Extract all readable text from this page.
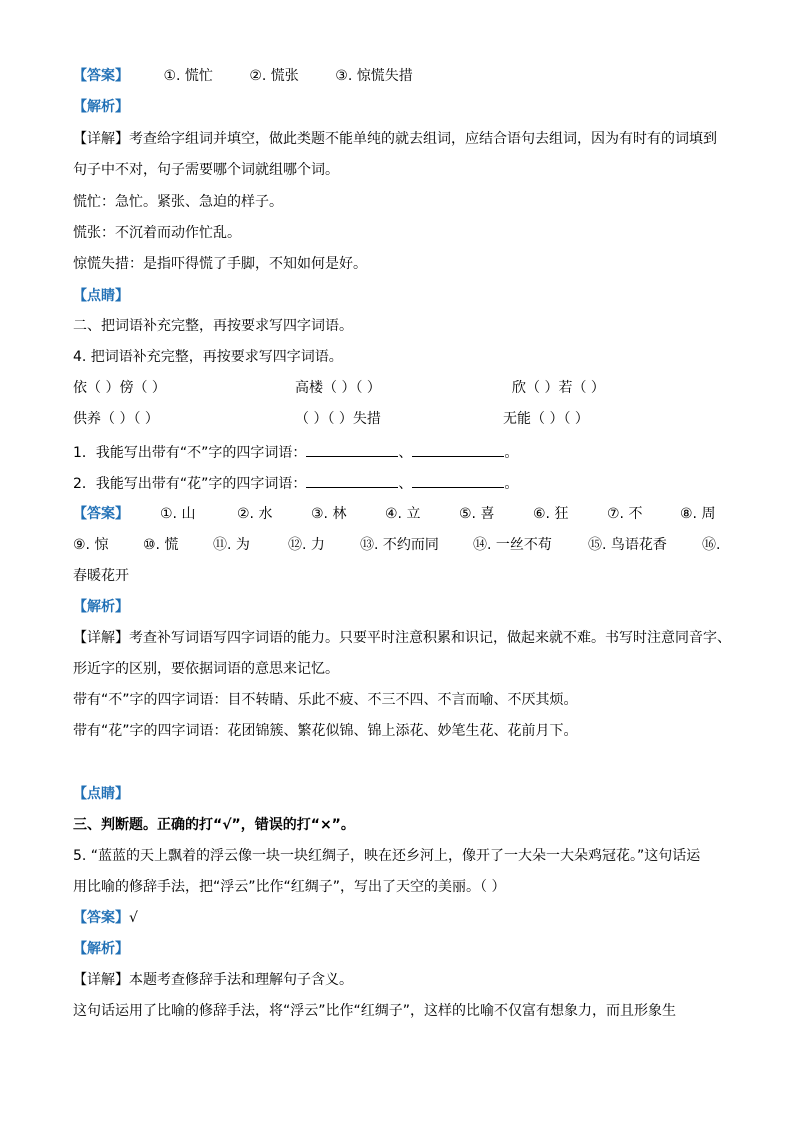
【答案】 ①. 慌忙	②. 慌张	③. 惊慌失措
【解析】
【详解】考查给字组词并填空，做此类题不能单纯的就去组词，应结合语句去组词，因为有时有的词填到
句子中不对，句子需要哪个词就组哪个词。
慌忙：急忙。紧张、急迫的样子。
慌张：不沉着而动作忙乱。
惊慌失措：是指吓得慌了手脚，不知如何是好。
【点睛】
二、把词语补充完整，再按要求写四字词语。
4. 把词语补充完整，再按要求写四字词语。
依（ ）傍（ ）	高楼（ ）（ ）	欣（ ）若（ ）
供养（ ）（ ）	（ ）（ ）失措	无能（ ）（ ）
1．我能写出带有“不”字的四字词语：	、	。
2．我能写出带有“花”字的四字词语：	、	。
【答案】 ①. 山	②. 水	③. 林	④. 立	⑤. 喜	⑥. 狂	⑦. 不	⑧. 周
⑨. 惊 ⑩. 慌 ⑪. 为	⑫. 力	⑬. 不约而同 ⑭. 一丝不苟	⑮. 鸟语花香	⑯.
春暖花开
【解析】
【详解】考查补写词语写四字词语的能力。只要平时注意积累和识记，做起来就不难。书写时注意同音字、
形近字的区别，要依据词语的意思来记忆。
带有“不”字的四字词语：目不转睛、乐此不疲、不三不四、不言而喻、不厌其烦。
带有“花”字的四字词语：花团锦簇、繁花似锦、锦上添花、妙笔生花、花前月下。
【点睛】
三、判断题。正确的打“√”，错误的打“×”。
5. “蓝蓝的天上飘着的浮云像一块一块红绸子，映在还乡河上，像开了一大朵一大朵鸡冠花。”这句话运
用比喻的修辞手法，把“浮云”比作“红绸子”，写出了天空的美丽。（ ）
【答案】√
【解析】
【详解】本题考查修辞手法和理解句子含义。
这句话运用了比喻的修辞手法，将“浮云”比作“红绸子”，这样的比喻不仅富有想象力，而且形象生
